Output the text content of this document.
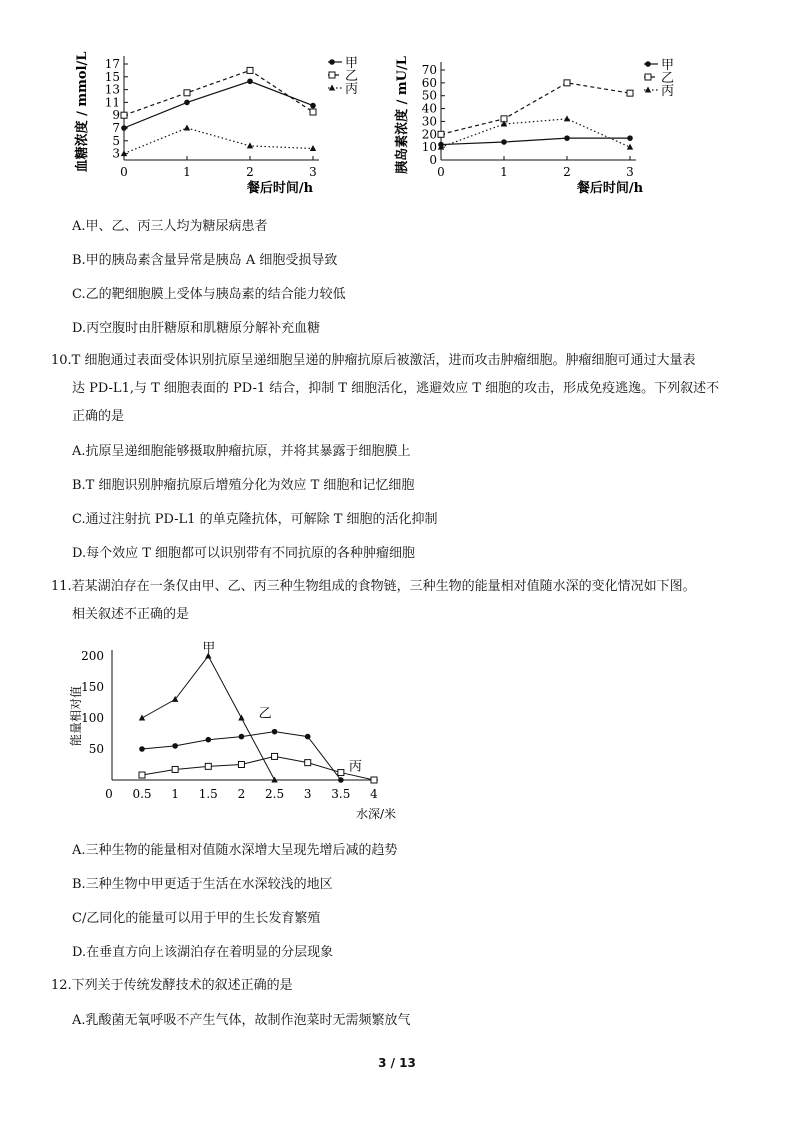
3
5
7
9
11
13
15
17
0	1	2	3
餐后时间/h
血糖浓度 / mmol/L	甲
乙
丙
0
10
20
30
40
50
60
70
0	1	2	3
餐后时间/h
胰岛素浓度 / mU/L	甲
乙
丙
A.甲、乙、丙三人均为糖尿病患者
B.甲的胰岛素含量异常是胰岛 A 细胞受损导致
C.乙的靶细胞膜上受体与胰岛素的结合能力较低
D.丙空腹时由肝糖原和肌糖原分解补充血糖
10.T 细胞通过表面受体识别抗原呈递细胞呈递的肿瘤抗原后被激活，进而攻击肿瘤细胞。肿瘤细胞可通过大量表
达 PD-L1,与 T 细胞表面的 PD-1 结合，抑制 T 细胞活化，逃避效应 T 细胞的攻击，形成免疫逃逸。下列叙述不
正确的是
A.抗原呈递细胞能够摄取肿瘤抗原，并将其暴露于细胞膜上
B.T 细胞识别肿瘤抗原后增殖分化为效应 T 细胞和记忆细胞
C.通过注射抗 PD-L1 的单克隆抗体，可解除 T 细胞的活化抑制
D.每个效应 T 细胞都可以识别带有不同抗原的各种肿瘤细胞
11.若某湖泊存在一条仅由甲、乙、丙三种生物组成的食物链，三种生物的能量相对值随水深的变化情况如下图。
相关叙述不正确的是
50
100
150
200
0 0.5 1 1.5 2 2.5 3 3.5 4
水深/米
能量相对值
甲
乙
丙
A.三种生物的能量相对值随水深增大呈现先增后减的趋势
B.三种生物中甲更适于生活在水深较浅的地区
C/乙同化的能量可以用于甲的生长发育繁殖
D.在垂直方向上该湖泊存在着明显的分层现象
12.下列关于传统发酵技术的叙述正确的是
A.乳酸菌无氧呼吸不产生气体，故制作泡菜时无需频繁放气
3 / 13
